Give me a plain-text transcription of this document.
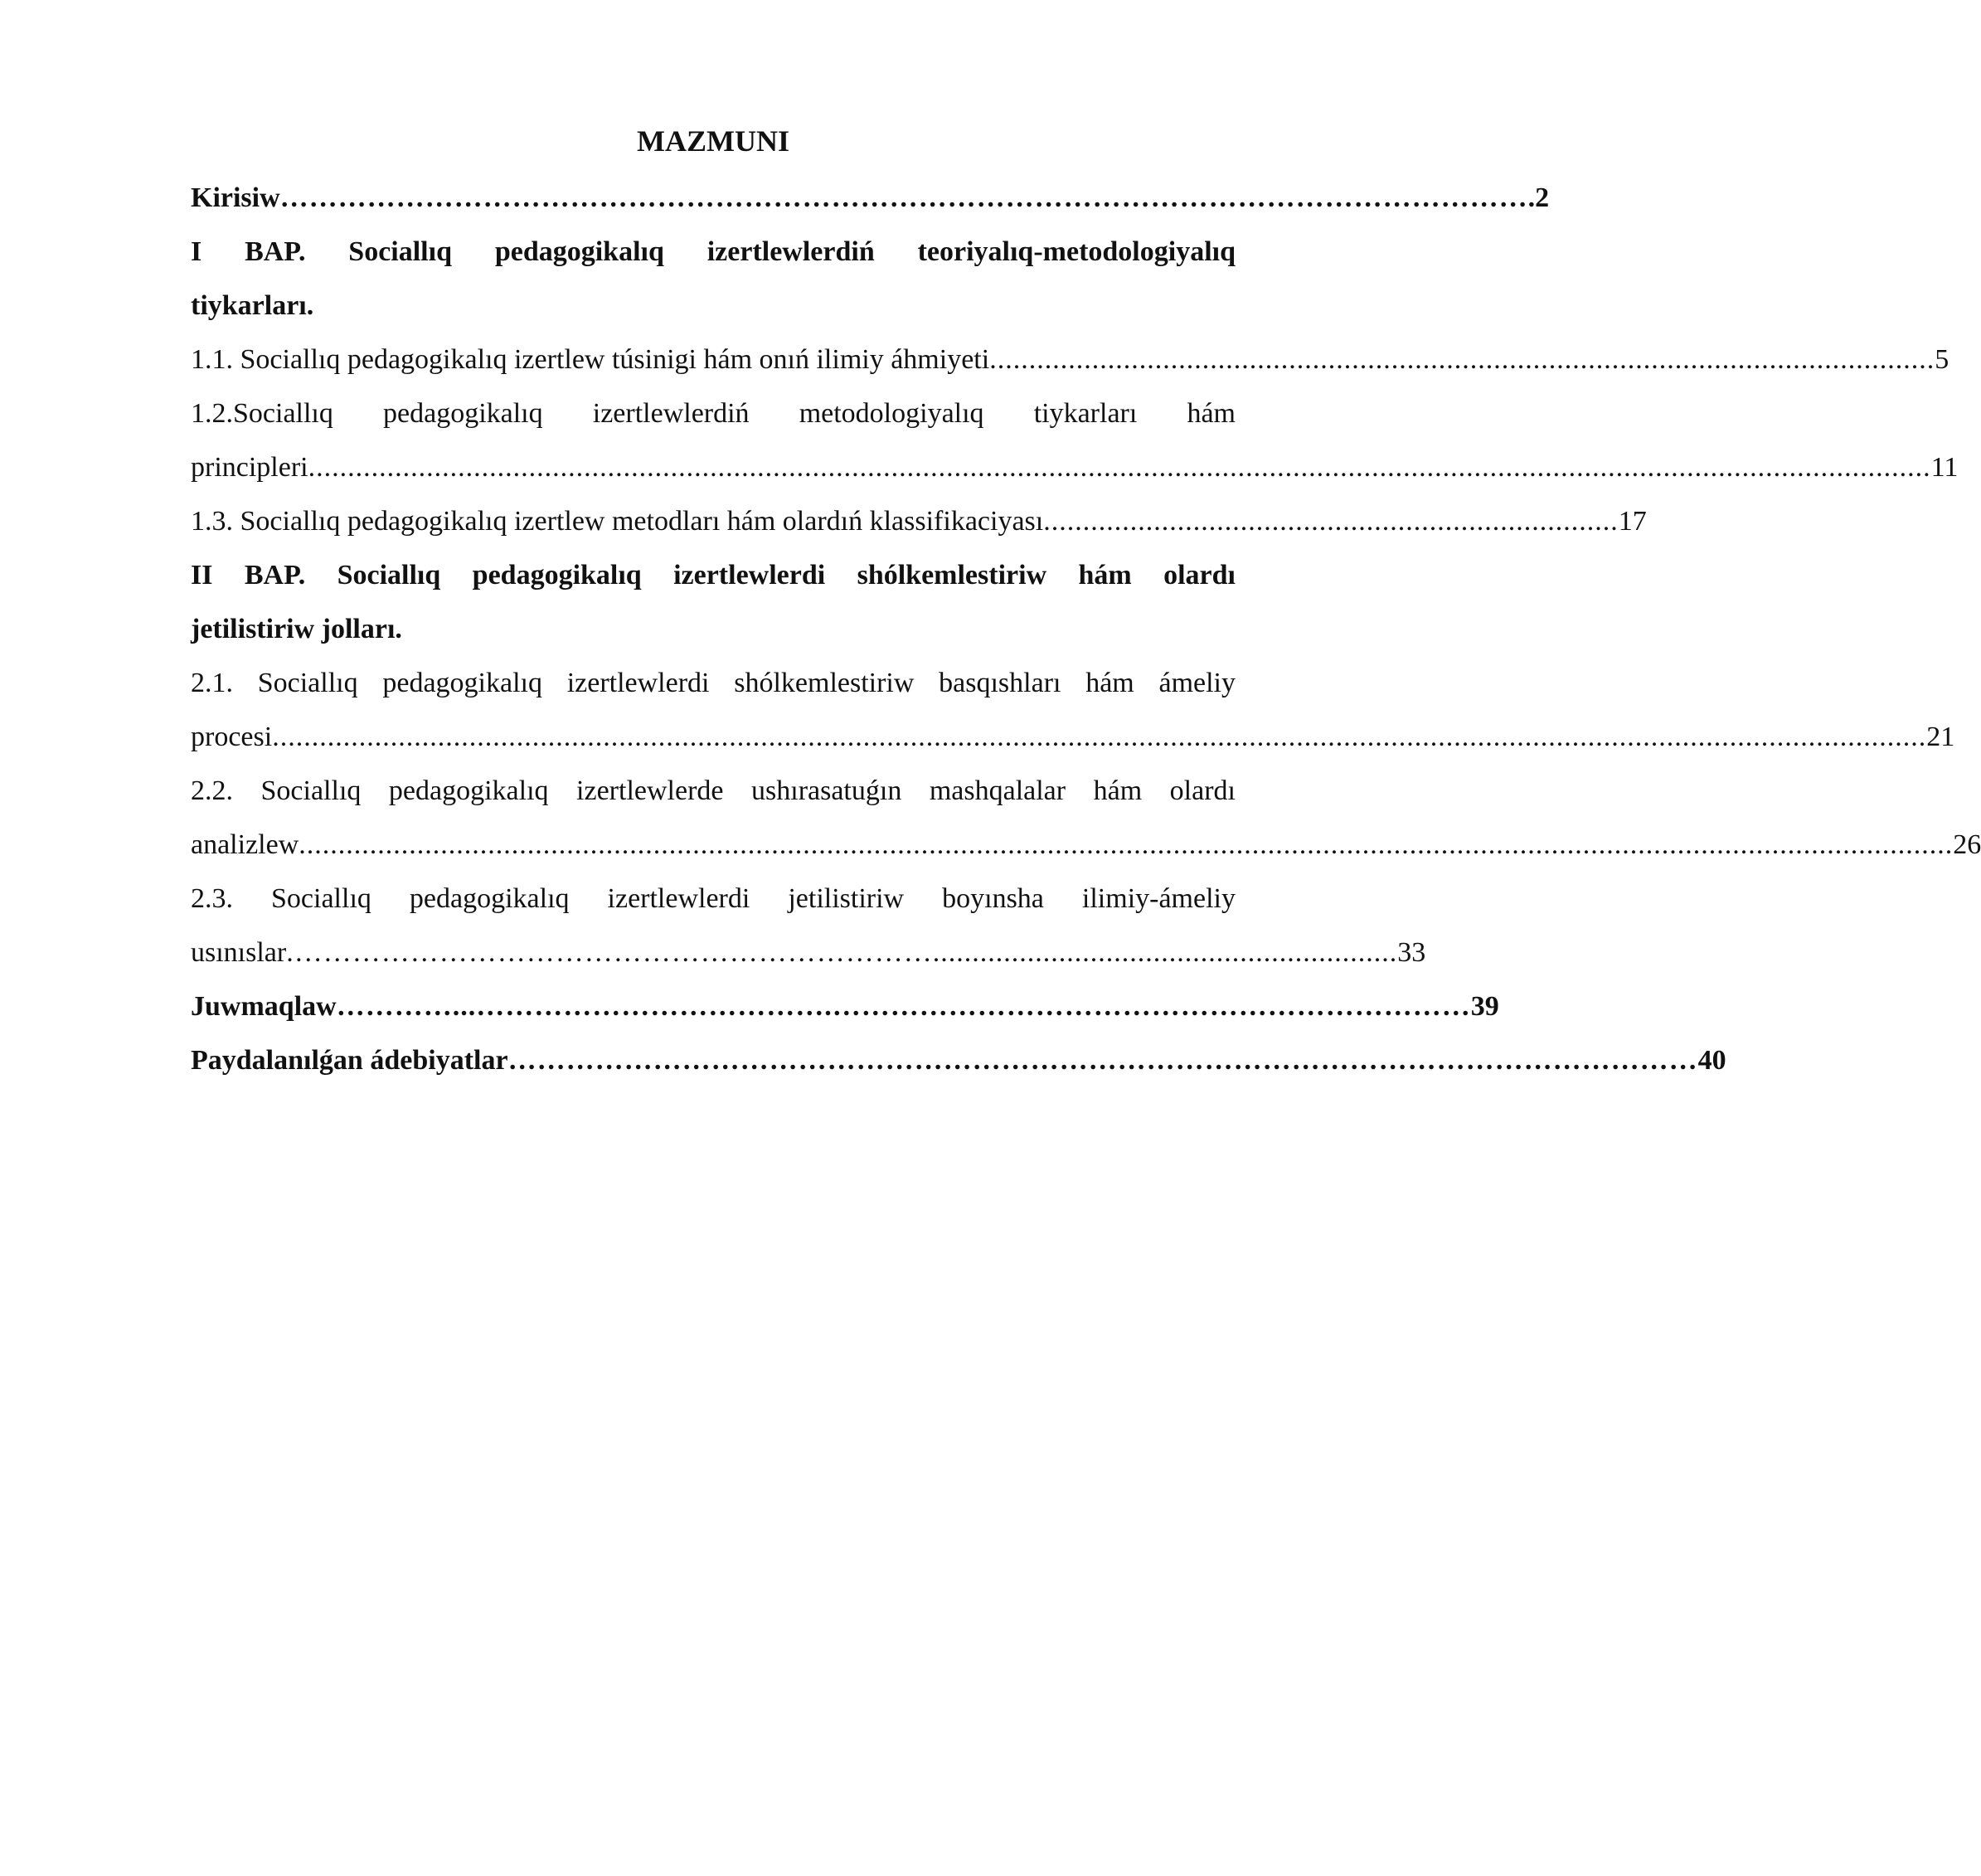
MAZMUNI
Kirisiw ………………………………………………………………………………………………………………… .2
I BAP. Sociallıq pedagogikalıq izertlewlerdiń teoriyalıq-metodologiyalıq
tiykarları.
1.1. Sociallıq pedagogikalıq izertlew túsinigi hám onıń ilimiy áhmiyeti ........................................................................................................................ 5
1.2.Sociallıq pedagogikalıq izertlewlerdiń metodologiyalıq tiykarları hám
principleri .............................................................................................................................................................................................................. 11
1.3. Sociallıq pedagogikalıq izertlew metodları hám olardıń klassifikaciyası ......................................................................... 17
II BAP. Sociallıq pedagogikalıq izertlewlerdi shólkemlestiriw hám olardı
jetilistiriw jolları.
2.1. Sociallıq pedagogikalıq izertlewlerdi shólkemlestiriw basqıshları hám ámeliy
procesi .................................................................................................................................................................................................................. 21
2.2. Sociallıq pedagogikalıq izertlewlerde ushırasatuǵın mashqalalar hám olardı
analizlew .................................................................................................................................................................................................................. 26
2.3. Sociallıq pedagogikalıq izertlewlerdi jetilistiriw boyınsha ilimiy-ámeliy
usınıslar .…………………………………………………………........................................................... 33
Juwmaqlaw …………...……………………………….………………………………………………………… 39
Paydalanılǵan ádebiyatlar …………………………………………………………………………………………………………… 40
